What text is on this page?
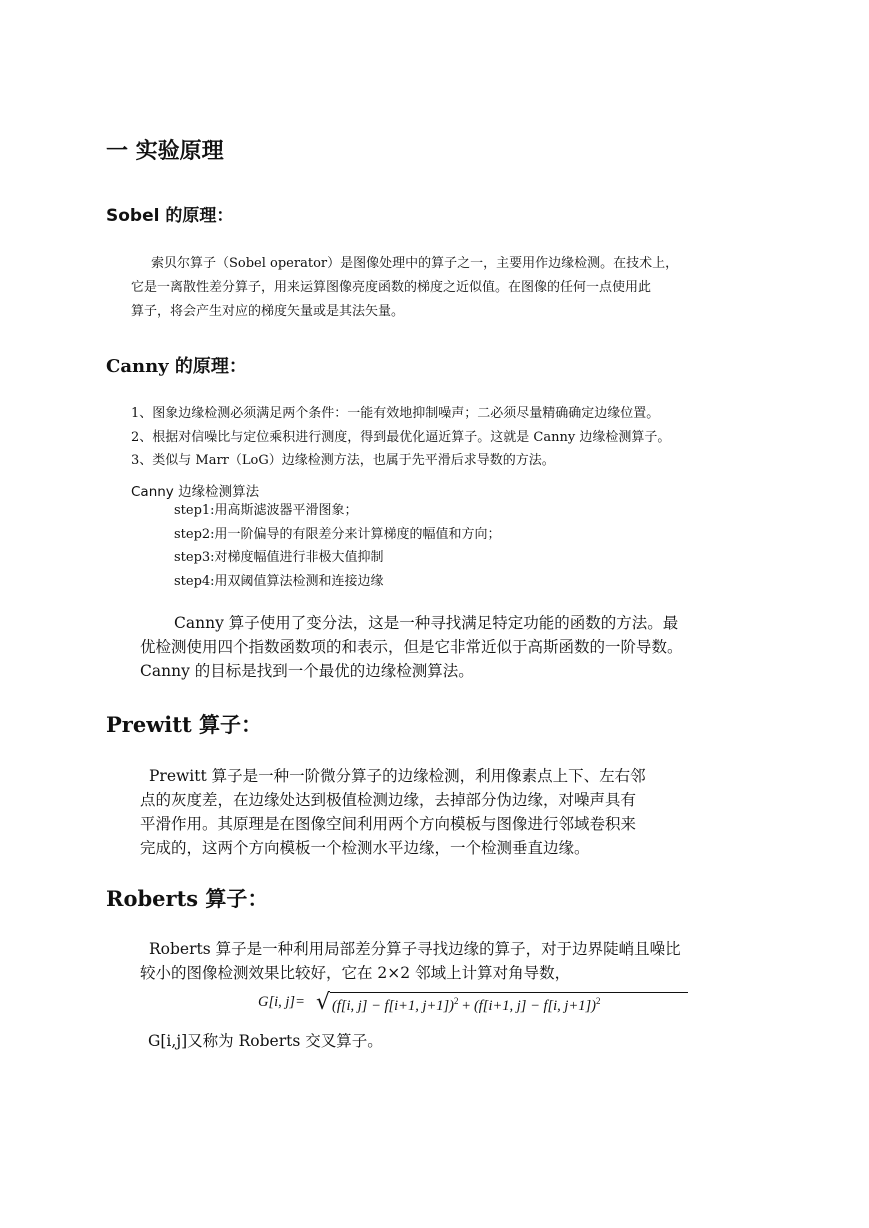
一 实验原理
Sobel 的原理：
索贝尔算子（Sobel operator）是图像处理中的算子之一，主要用作边缘检测。在技术上，
它是一离散性差分算子，用来运算图像亮度函数的梯度之近似值。在图像的任何一点使用此
算子，将会产生对应的梯度矢量或是其法矢量。
Canny 的原理：
1、图象边缘检测必须满足两个条件：一能有效地抑制噪声；二必须尽量精确确定边缘位置。
2、根据对信噪比与定位乘积进行测度，得到最优化逼近算子。这就是 Canny 边缘检测算子。
3、类似与 Marr（LoG）边缘检测方法，也属于先平滑后求导数的方法。
Canny 边缘检测算法
step1:用高斯滤波器平滑图象；
step2:用一阶偏导的有限差分来计算梯度的幅值和方向；
step3:对梯度幅值进行非极大值抑制
step4:用双阈值算法检测和连接边缘
Canny 算子使用了变分法，这是一种寻找满足特定功能的函数的方法。最
优检测使用四个指数函数项的和表示，但是它非常近似于高斯函数的一阶导数。
Canny 的目标是找到一个最优的边缘检测算法。
Prewitt 算子：
Prewitt 算子是一种一阶微分算子的边缘检测，利用像素点上下、左右邻
点的灰度差，在边缘处达到极值检测边缘，去掉部分伪边缘，对噪声具有
平滑作用。其原理是在图像空间利用两个方向模板与图像进行邻域卷积来
完成的，这两个方向模板一个检测水平边缘，一个检测垂直边缘。
Roberts 算子：
Roberts 算子是一种利用局部差分算子寻找边缘的算子，对于边界陡峭且噪比
较小的图像检测效果比较好，它在 2×2 邻域上计算对角导数，
G[i, j]= √ (f[i, j] − f[i+1, j+1])$^2$ + (f[i+1, j] − f[i, j+1])$^2$
G[i,j]又称为 Roberts 交叉算子。
